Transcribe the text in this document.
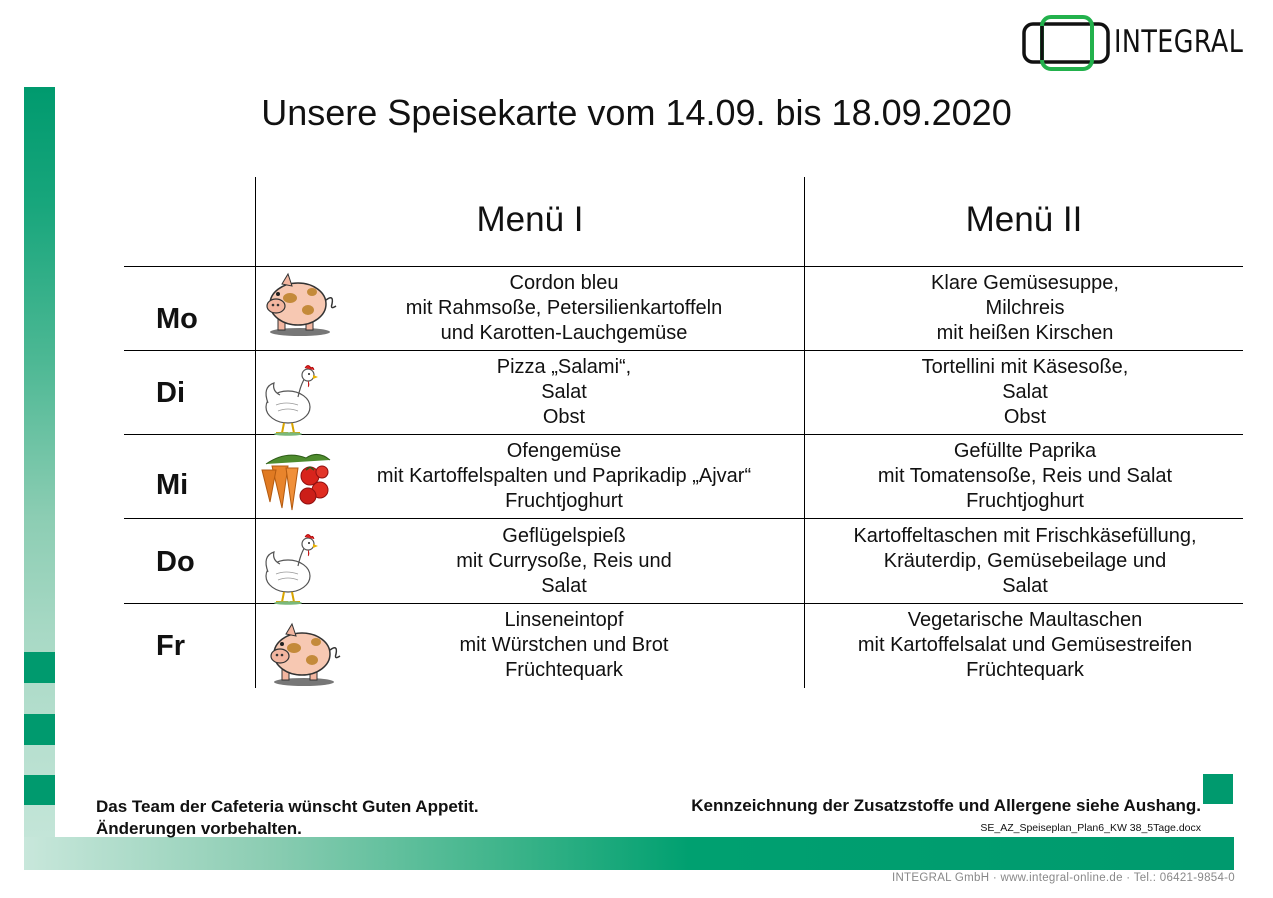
INTEGRAL
Unsere Speisekarte vom 14.09. bis 18.09.2020
Menü I	Menü II
Mo
Cordon bleu
mit Rahmsoße, Petersilienkartoffeln
und Karotten-Lauchgemüse
Klare Gemüsesuppe,
Milchreis
mit heißen Kirschen
Di
Pizza „Salami“,
Salat
Obst
Tortellini mit Käsesoße,
Salat
Obst
Mi
Ofengemüse
mit Kartoffelspalten und Paprikadip „Ajvar“
Fruchtjoghurt
Gefüllte Paprika
mit Tomatensoße, Reis und Salat
Fruchtjoghurt
Do
Geflügelspieß
mit Currysoße, Reis und
Salat
Kartoffeltaschen mit Frischkäsefüllung,
Kräuterdip, Gemüsebeilage und
Salat
Fr
Linseneintopf
mit Würstchen und Brot
Früchtequark
Vegetarische Maultaschen
mit Kartoffelsalat und Gemüsestreifen
Früchtequark
Das Team der Cafeteria wünscht Guten Appetit.
Änderungen vorbehalten.
Kennzeichnung der Zusatzstoffe und Allergene siehe Aushang.
SE_AZ_Speiseplan_Plan6_KW 38_5Tage.docx
INTEGRAL GmbH · www.integral-online.de · Tel.: 06421-9854-0
